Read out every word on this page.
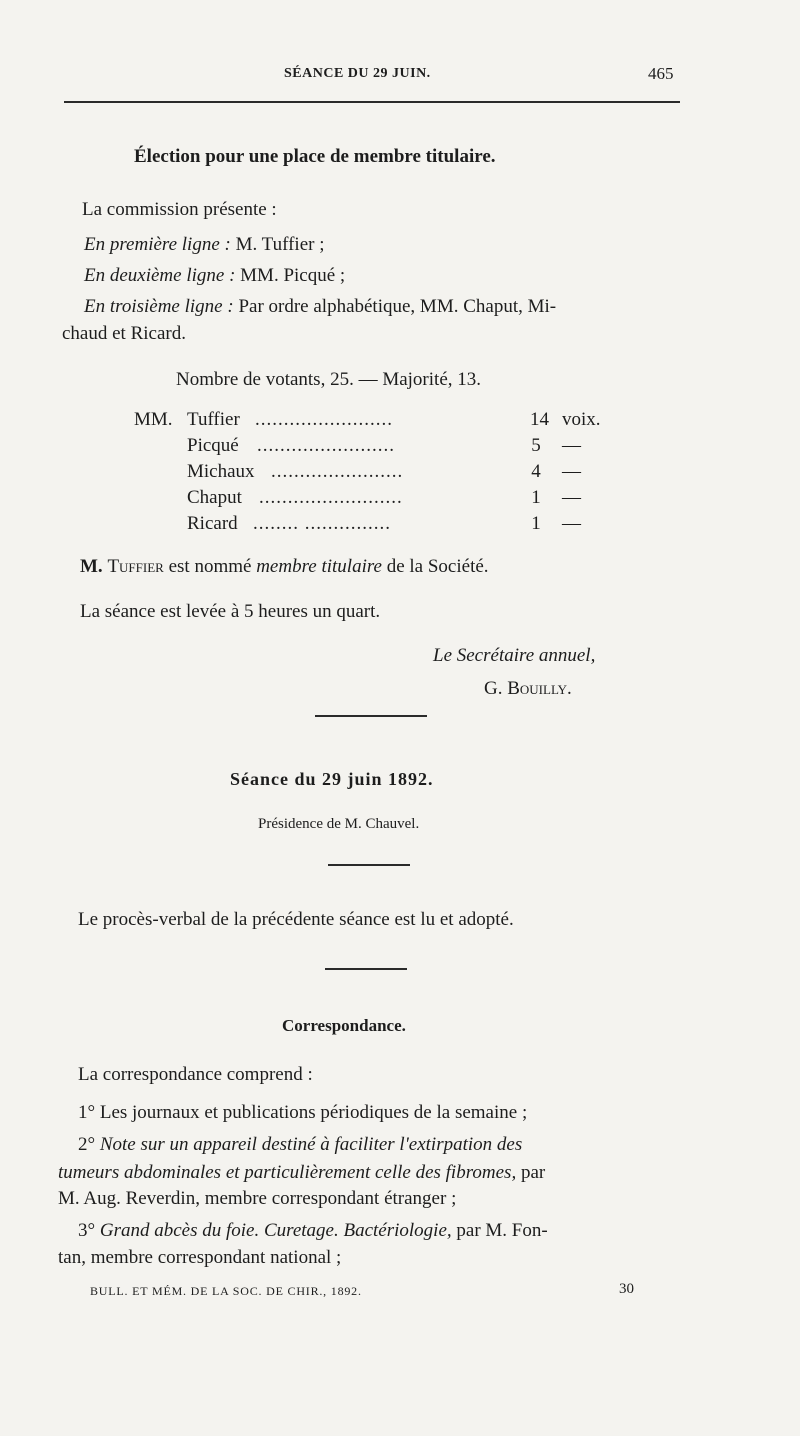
SÉANCE DU 29 JUIN.	465
Élection pour une place de membre titulaire.
La commission présente :
En première ligne : M. Tuffier ;
En deuxième ligne : MM. Picqué ;
En troisième ligne : Par ordre alphabétique, MM. Chaput, Mi-
chaud et Ricard.
Nombre de votants, 25. — Majorité, 13.
MM. Tuffier ........................	14 voix.
Picqué ........................	5 —
Michaux .......................	4 —
Chaput .........................	1 —
Ricard ........ ...............	1 —
M. Tuffier est nommé membre titulaire de la Société.
La séance est levée à 5 heures un quart.
Le Secrétaire annuel,
G. Bouilly.
Séance du 29 juin 1892.
Présidence de M. Chauvel.
Le procès-verbal de la précédente séance est lu et adopté.
Correspondance.
La correspondance comprend :
1° Les journaux et publications périodiques de la semaine ;
2° Note sur un appareil destiné à faciliter l'extirpation des
tumeurs abdominales et particulièrement celle des fibromes, par
M. Aug. Reverdin, membre correspondant étranger ;
3° Grand abcès du foie. Curetage. Bactériologie, par M. Fon-
tan, membre correspondant national ;
BULL. ET MÉM. DE LA SOC. DE CHIR., 1892.	30
